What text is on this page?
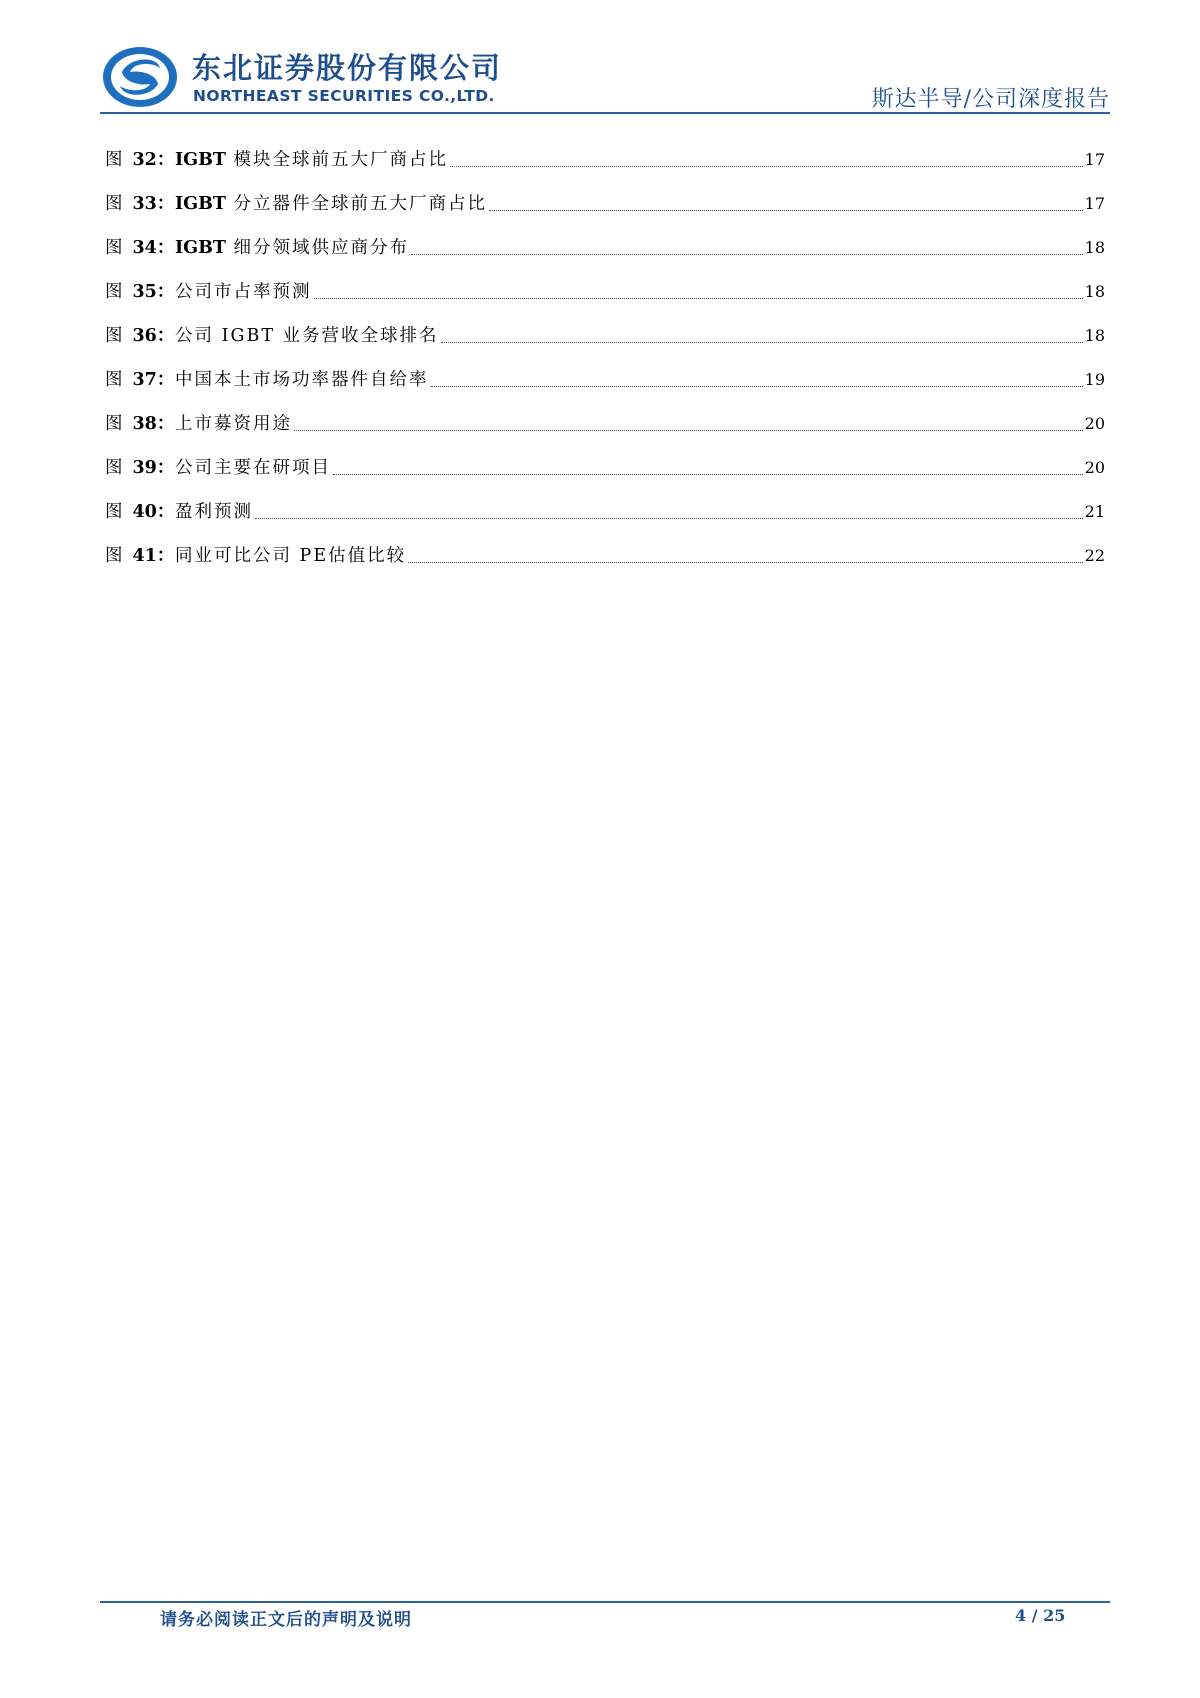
东北证券股份有限公司
NORTHEAST SECURITIES CO.,LTD.	斯达半导/公司深度报告
图 32： IGBT 模块全球前五大厂商占比	17
图 33： IGBT 分立器件全球前五大厂商占比	17
图 34： IGBT 细分领域供应商分布	18
图 35： 公司市占率预测	18
图 36： 公司 IGBT 业务营收全球排名	18
图 37： 中国本土市场功率器件自给率	19
图 38： 上市募资用途	20
图 39： 公司主要在研项目	20
图 40： 盈利预测	21
图 41： 同业可比公司 PE估值比较	22
请务必阅读正文后的声明及说明	4 / 25
